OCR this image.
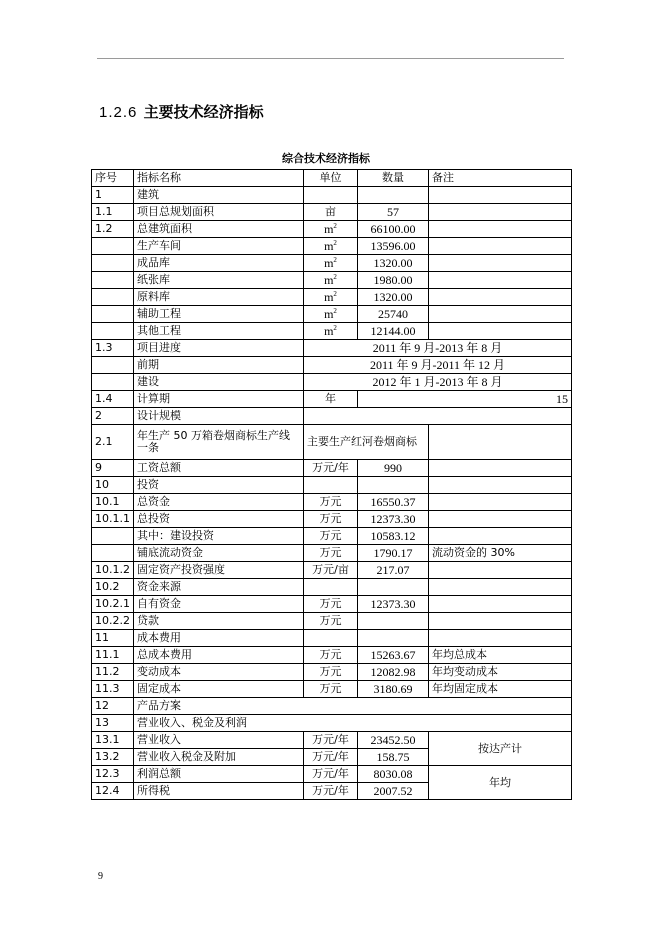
1.2.6 主要技术经济指标
综合技术经济指标
序号	指标名称	单位	数量	备注
1	建筑			
1.1	项目总规划面积	亩	57	
1.2	总建筑面积	$m^2$	66100.00	
	生产车间	$m^2$	13596.00	
	成品库	$m^2$	1320.00	
	纸张库	$m^2$	1980.00	
	原料库	$m^2$	1320.00	
	辅助工程	$m^2$	25740	
	其他工程	$m^2$	12144.00	
1.3	项目进度	2011 年 9 月-2013 年 8 月		
	前期	2011 年 9 月-2011 年 12 月		
	建设	2012 年 1 月-2013 年 8 月		
1.4	计算期	年	15	
2	设计规模			
2.1	年生产 50 万箱卷烟商标生产线一条	主要生产红河卷烟商标		
9	工资总额	万元/年	990	
10	投资			
10.1	总资金	万元	16550.37	
10.1.1	总投资	万元	12373.30	
	其中：建设投资	万元	10583.12	
	铺底流动资金	万元	1790.17	流动资金的 30%
10.1.2	固定资产投资强度	万元/亩	217.07	
10.2	资金来源			
10.2.1	自有资金	万元	12373.30	
10.2.2	贷款	万元		
11	成本费用			
11.1	总成本费用	万元	15263.67	年均总成本
11.2	变动成本	万元	12082.98	年均变动成本
11.3	固定成本	万元	3180.69	年均固定成本
12	产品方案			
13	营业收入、税金及利润			
13.1	营业收入	万元/年	23452.50	按达产计
13.2	营业收入税金及附加	万元/年	158.75	
12.3	利润总额	万元/年	8030.08	年均
12.4	所得税	万元/年	2007.52	
9
